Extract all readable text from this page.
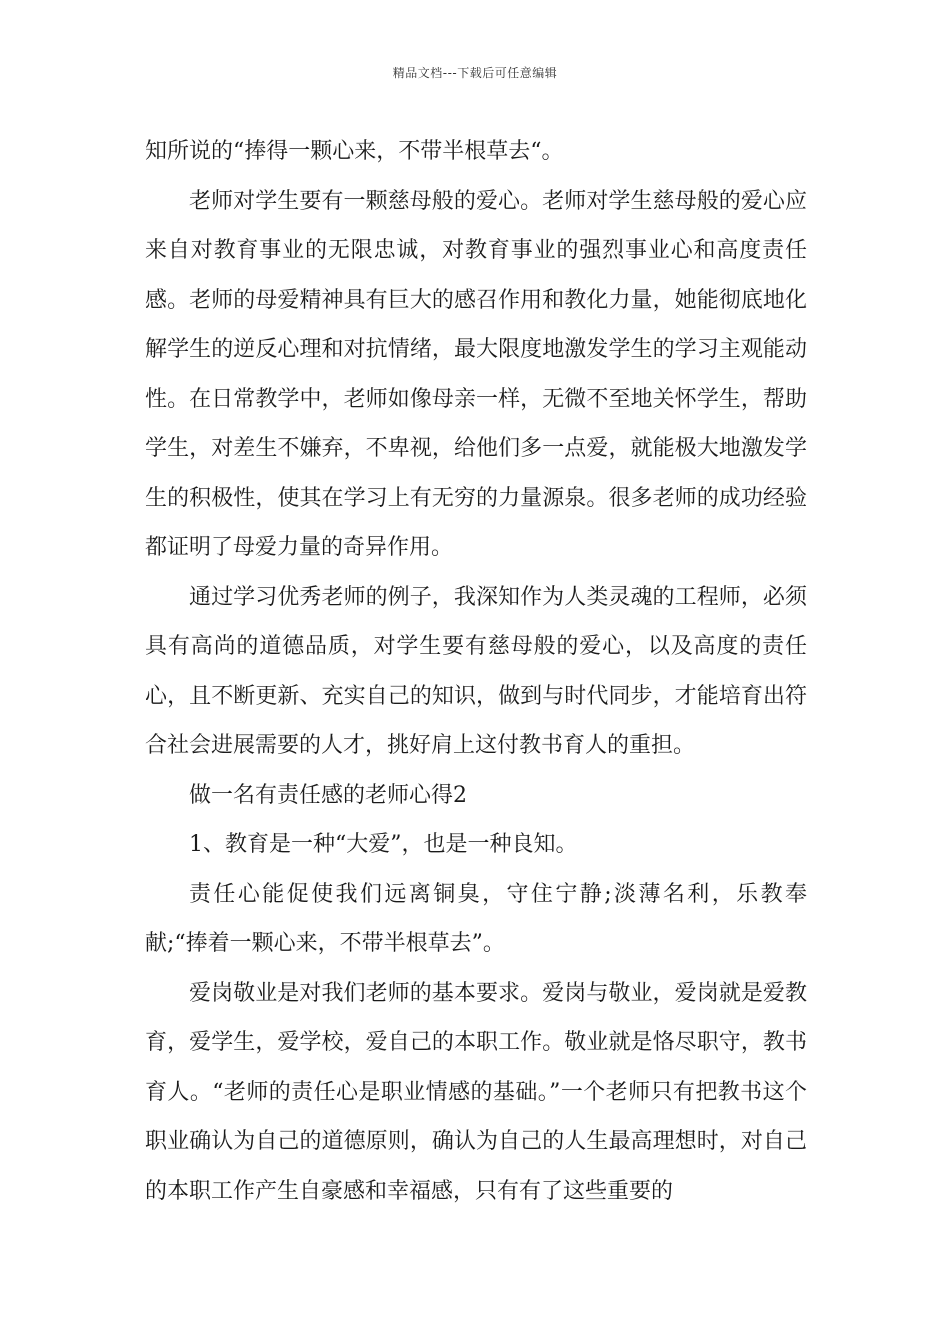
精品文档---下载后可任意编辑

知所说的“捧得一颗心来，不带半根草去“。

老师对学生要有一颗慈母般的爱心。老师对学生慈母般的爱心应来自对教育事业的无限忠诚，对教育事业的强烈事业心和高度责任感。老师的母爱精神具有巨大的感召作用和教化力量，她能彻底地化解学生的逆反心理和对抗情绪，最大限度地激发学生的学习主观能动性。在日常教学中，老师如像母亲一样，无微不至地关怀学生，帮助学生，对差生不嫌弃，不卑视，给他们多一点爱，就能极大地激发学生的积极性，使其在学习上有无穷的力量源泉。很多老师的成功经验都证明了母爱力量的奇异作用。

通过学习优秀老师的例子，我深知作为人类灵魂的工程师，必须具有高尚的道德品质，对学生要有慈母般的爱心，以及高度的责任心，且不断更新、充实自己的知识，做到与时代同步，才能培育出符合社会进展需要的人才，挑好肩上这付教书育人的重担。

做一名有责任感的老师心得2

1、教育是一种“大爱”，也是一种良知。

责任心能促使我们远离铜臭，守住宁静;淡薄名利，乐教奉献;“捧着一颗心来，不带半根草去”。

爱岗敬业是对我们老师的基本要求。爱岗与敬业，爱岗就是爱教育，爱学生，爱学校，爱自己的本职工作。敬业就是恪尽职守，教书育人。“老师的责任心是职业情感的基础。”一个老师只有把教书这个职业确认为自己的道德原则，确认为自己的人生最高理想时，对自己的本职工作产生自豪感和幸福感，只有有了这些重要的
